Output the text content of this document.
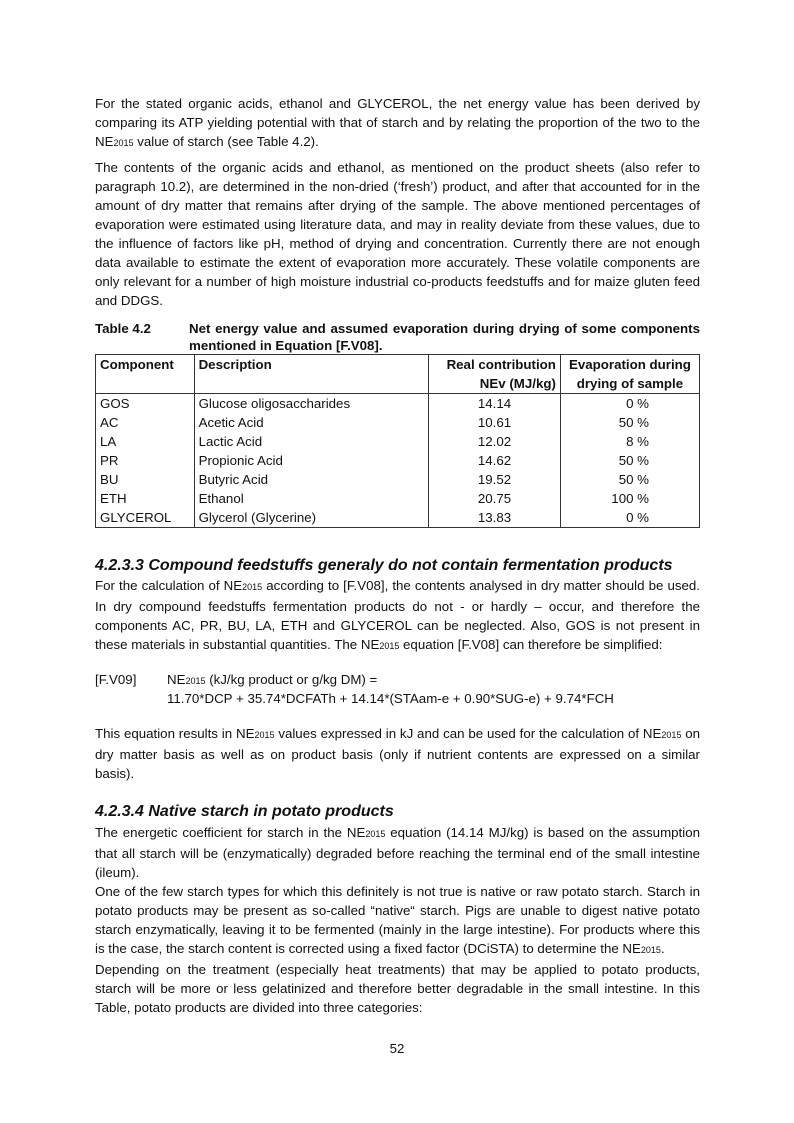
For the stated organic acids, ethanol and GLYCEROL, the net energy value has been derived by comparing its ATP yielding potential with that of starch and by relating the proportion of the two to the NE2015 value of starch (see Table 4.2).

The contents of the organic acids and ethanol, as mentioned on the product sheets (also refer to paragraph 10.2), are determined in the non-dried (‘fresh’) product, and after that accounted for in the amount of dry matter that remains after drying of the sample. The above mentioned percentages of evaporation were estimated using literature data, and may in reality deviate from these values, due to the influence of factors like pH, method of drying and concentration. Currently there are not enough data available to estimate the extent of evaporation more accurately. These volatile components are only relevant for a number of high moisture industrial co-products feedstuffs and for maize gluten feed and DDGS.

Table 4.2	Net energy value and assumed evaporation during drying of some components mentioned in Equation [F.V08].
Component	Description	Real contribution NEv (MJ/kg)	Evaporation during drying of sample
GOS	Glucose oligosaccharides	14.14	0 %
AC	Acetic Acid	10.61	50 %
LA	Lactic Acid	12.02	8 %
PR	Propionic Acid	14.62	50 %
BU	Butyric Acid	19.52	50 %
ETH	Ethanol	20.75	100 %
GLYCEROL	Glycerol (Glycerine)	13.83	0 %
4.2.3.3 Compound feedstuffs generaly do not contain fermentation products

For the calculation of NE2015 according to [F.V08], the contents analysed in dry matter should be used. In dry compound feedstuffs fermentation products do not - or hardly – occur, and therefore the components AC, PR, BU, LA, ETH and GLYCEROL can be neglected. Also, GOS is not present in these materials in substantial quantities. The NE2015 equation [F.V08] can therefore be simplified:

[F.V09]	NE2015 (kJ/kg product or g/kg DM) =
11.70*DCP + 35.74*DCFATh + 14.14*(STAam-e + 0.90*SUG-e) + 9.74*FCH

This equation results in NE2015 values expressed in kJ and can be used for the calculation of NE2015 on dry matter basis as well as on product basis (only if nutrient contents are expressed on a similar basis).

4.2.3.4 Native starch in potato products

The energetic coefficient for starch in the NE2015 equation (14.14 MJ/kg) is based on the assumption that all starch will be (enzymatically) degraded before reaching the terminal end of the small intestine (ileum).

One of the few starch types for which this definitely is not true is native or raw potato starch. Starch in potato products may be present as so-called “native“ starch. Pigs are unable to digest native potato starch enzymatically, leaving it to be fermented (mainly in the large intestine). For products where this is the case, the starch content is corrected using a fixed factor (DCiSTA) to determine the NE2015.

Depending on the treatment (especially heat treatments) that may be applied to potato products, starch will be more or less gelatinized and therefore better degradable in the small intestine. In this Table, potato products are divided into three categories:

52
